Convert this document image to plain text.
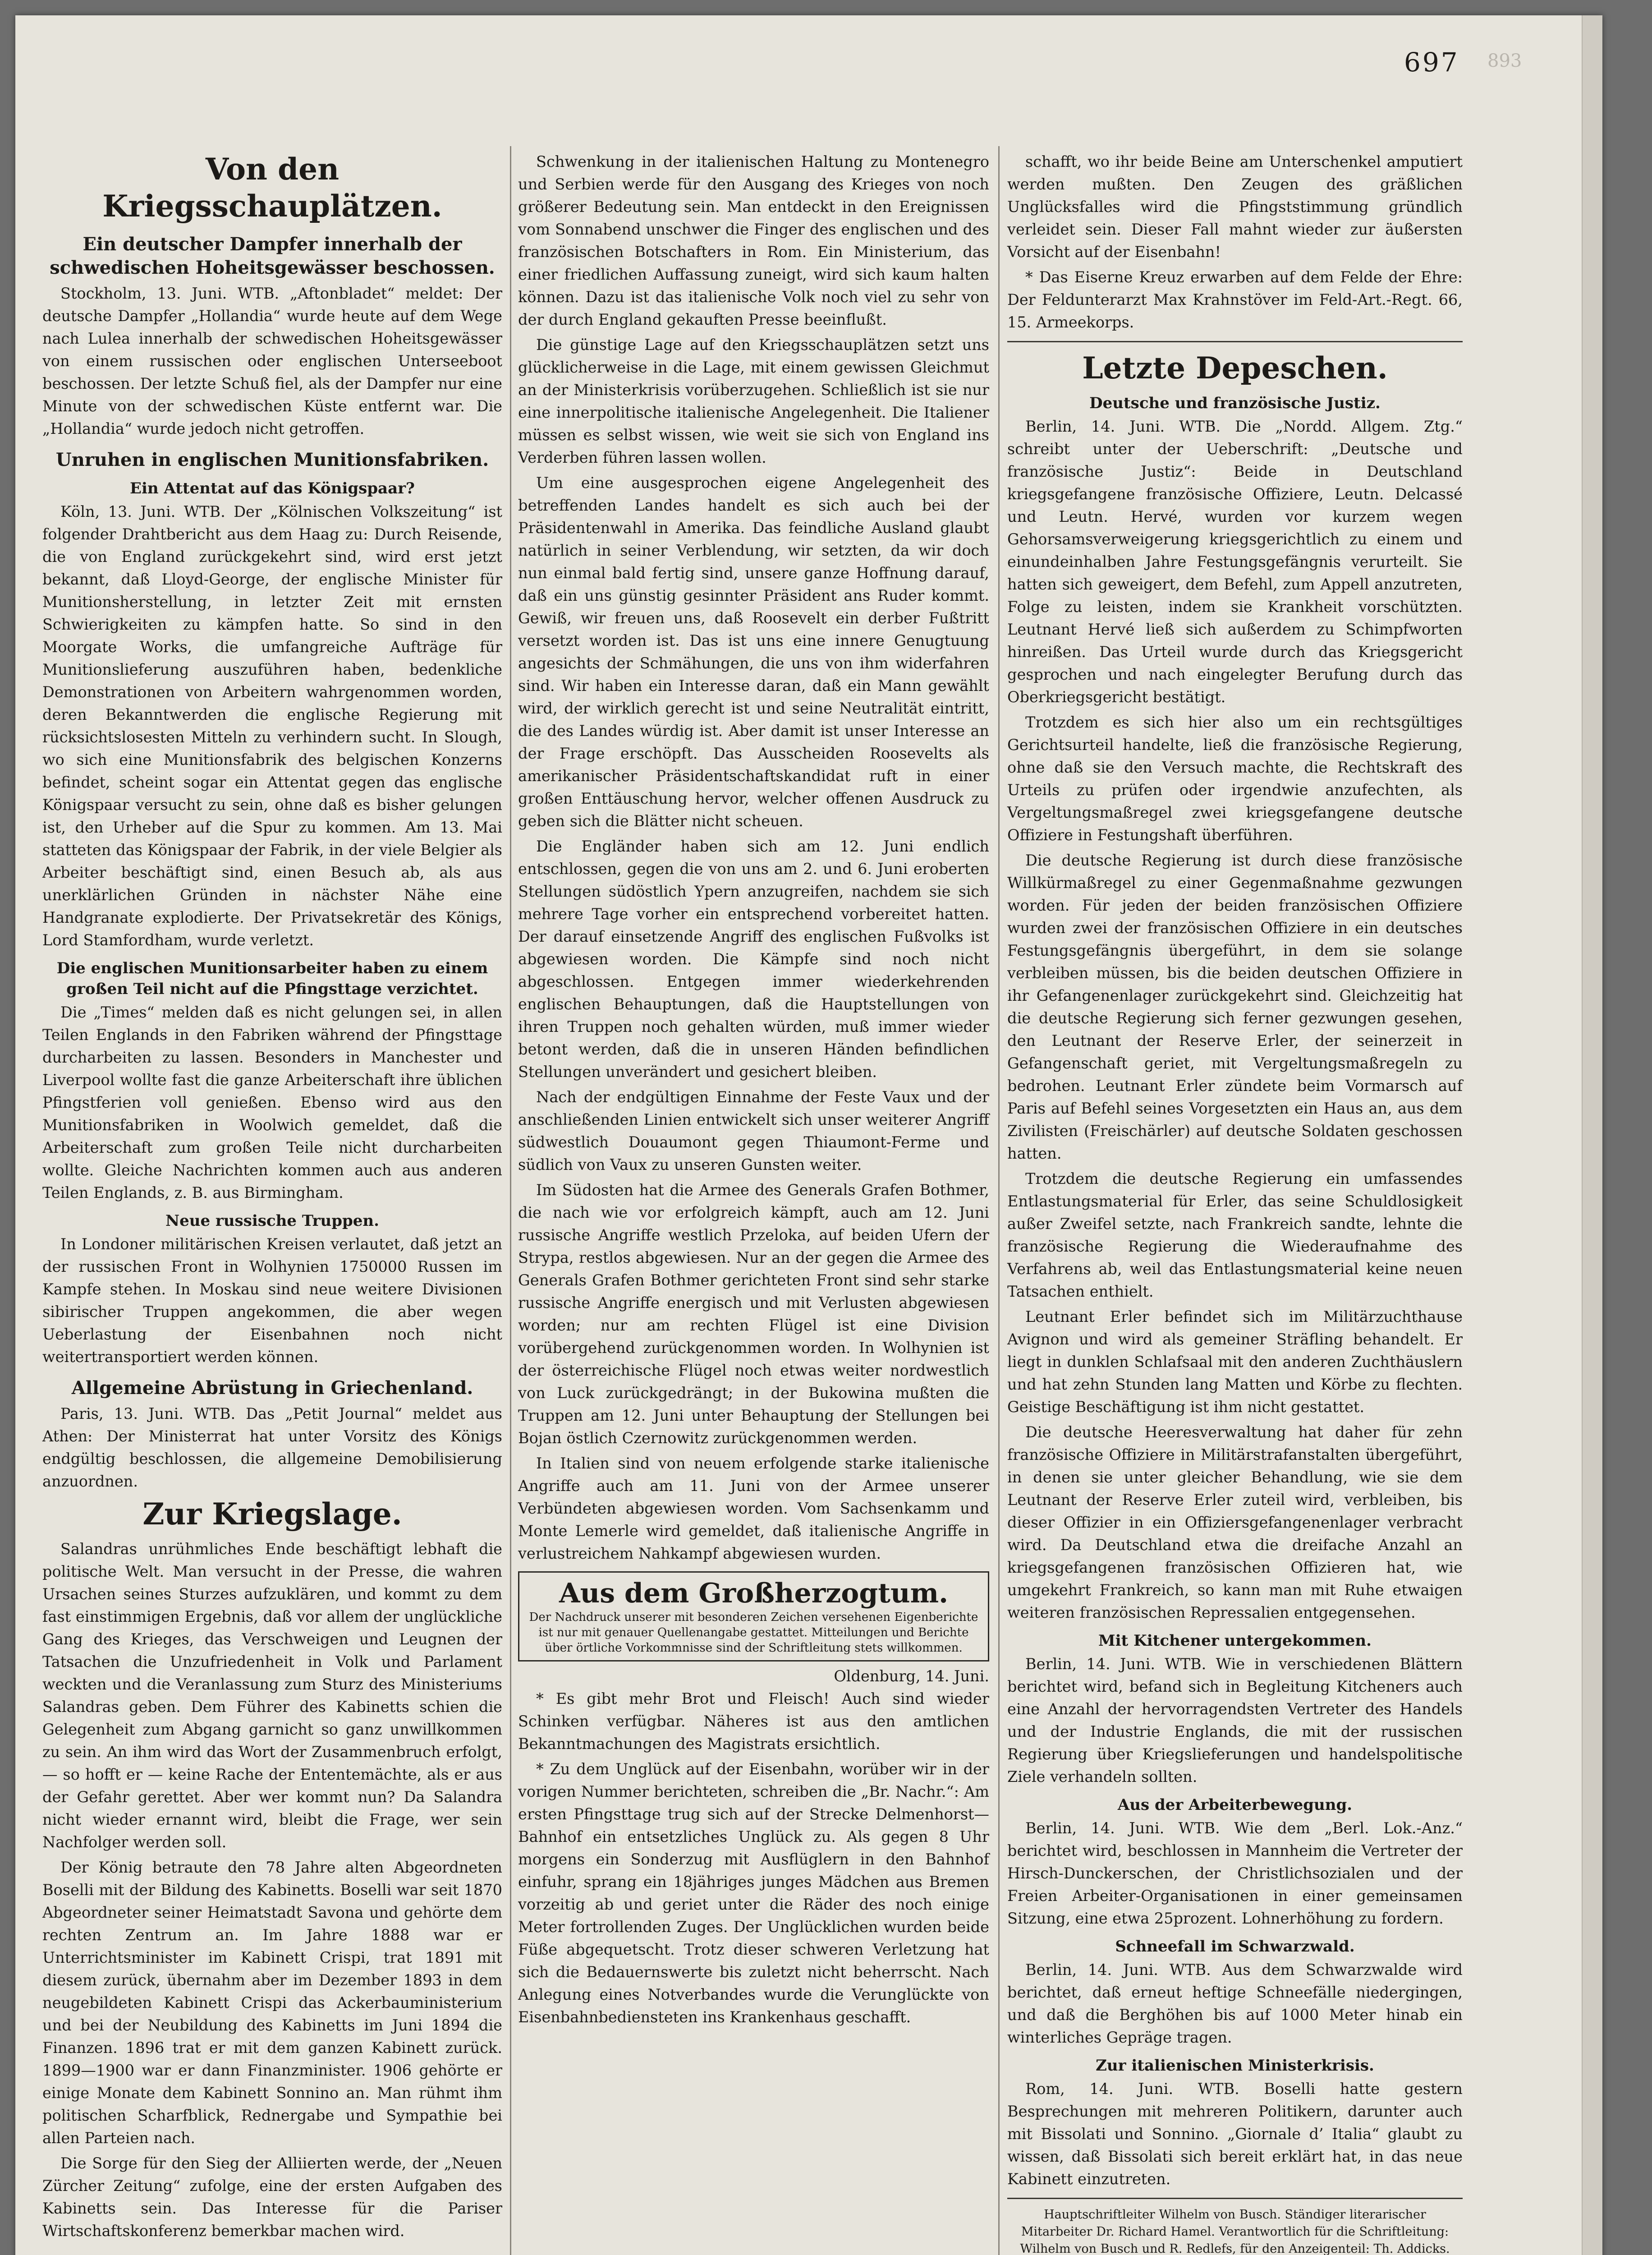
697 893
Von den Kriegsschauplätzen.
Ein deutscher Dampfer innerhalb der schwedischen Hoheitsgewässer beschossen.

Stockholm, 13. Juni. WTB. „Aftonbladet“ meldet: Der deutsche Dampfer „Hollandia“ wurde heute auf dem Wege nach Lulea innerhalb der schwedischen Hoheitsgewässer von einem russischen oder englischen Unterseeboot beschossen. Der letzte Schuß fiel, als der Dampfer nur eine Minute von der schwedischen Küste entfernt war. Die „Hollandia“ wurde jedoch nicht getroffen.

Unruhen in englischen Munitionsfabriken.
Ein Attentat auf das Königspaar?

Köln, 13. Juni. WTB. Der „Kölnischen Volkszeitung“ ist folgender Drahtbericht aus dem Haag zu: Durch Reisende, die von England zurückgekehrt sind, wird erst jetzt bekannt, daß Lloyd-George, der englische Minister für Munitionsherstellung, in letzter Zeit mit ernsten Schwierigkeiten zu kämpfen hatte. So sind in den Moorgate Works, die umfangreiche Aufträge für Munitionslieferung auszuführen haben, bedenkliche Demonstrationen von Arbeitern wahrgenommen worden, deren Bekanntwerden die englische Regierung mit rücksichtslosesten Mitteln zu verhindern sucht. In Slough, wo sich eine Munitionsfabrik des belgischen Konzerns befindet, scheint sogar ein Attentat gegen das englische Königspaar versucht zu sein, ohne daß es bisher gelungen ist, den Urheber auf die Spur zu kommen. Am 13. Mai statteten das Königspaar der Fabrik, in der viele Belgier als Arbeiter beschäftigt sind, einen Besuch ab, als aus unerklärlichen Gründen in nächster Nähe eine Handgranate explodierte. Der Privatsekretär des Königs, Lord Stamfordham, wurde verletzt.

Die englischen Munitionsarbeiter haben zu einem großen Teil nicht auf die Pfingsttage verzichtet.

Die „Times“ melden daß es nicht gelungen sei, in allen Teilen Englands in den Fabriken während der Pfingsttage durcharbeiten zu lassen. Besonders in Manchester und Liverpool wollte fast die ganze Arbeiterschaft ihre üblichen Pfingstferien voll genießen. Ebenso wird aus den Munitionsfabriken in Woolwich gemeldet, daß die Arbeiterschaft zum großen Teile nicht durcharbeiten wollte. Gleiche Nachrichten kommen auch aus anderen Teilen Englands, z. B. aus Birmingham.

Neue russische Truppen.

In Londoner militärischen Kreisen verlautet, daß jetzt an der russischen Front in Wolhynien 1750000 Russen im Kampfe stehen. In Moskau sind neue weitere Divisionen sibirischer Truppen angekommen, die aber wegen Ueberlastung der Eisenbahnen noch nicht weitertransportiert werden können.

Allgemeine Abrüstung in Griechenland.

Paris, 13. Juni. WTB. Das „Petit Journal“ meldet aus Athen: Der Ministerrat hat unter Vorsitz des Königs endgültig beschlossen, die allgemeine Demobilisierung anzuordnen.

Zur Kriegslage.

Salandras unrühmliches Ende beschäftigt lebhaft die politische Welt. Man versucht in der Presse, die wahren Ursachen seines Sturzes aufzuklären, und kommt zu dem fast einstimmigen Ergebnis, daß vor allem der unglückliche Gang des Krieges, das Verschweigen und Leugnen der Tatsachen die Unzufriedenheit in Volk und Parlament weckten und die Veranlassung zum Sturz des Ministeriums Salandras geben. Dem Führer des Kabinetts schien die Gelegenheit zum Abgang garnicht so ganz unwillkommen zu sein. An ihm wird das Wort der Zusammenbruch erfolgt, — so hofft er — keine Rache der Ententemächte, als er aus der Gefahr gerettet. Aber wer kommt nun? Da Salandra nicht wieder ernannt wird, bleibt die Frage, wer sein Nachfolger werden soll.

Der König betraute den 78 Jahre alten Abgeordneten Boselli mit der Bildung des Kabinetts. Boselli war seit 1870 Abgeordneter seiner Heimatstadt Savona und gehörte dem rechten Zentrum an. Im Jahre 1888 war er Unterrichtsminister im Kabinett Crispi, trat 1891 mit diesem zurück, übernahm aber im Dezember 1893 in dem neugebildeten Kabinett Crispi das Ackerbauministerium und bei der Neubildung des Kabinetts im Juni 1894 die Finanzen. 1896 trat er mit dem ganzen Kabinett zurück. 1899—1900 war er dann Finanzminister. 1906 gehörte er einige Monate dem Kabinett Sonnino an. Man rühmt ihm politischen Scharfblick, Rednergabe und Sympathie bei allen Parteien nach.

Die Sorge für den Sieg der Alliierten werde, der „Neuen Zürcher Zeitung“ zufolge, eine der ersten Aufgaben des Kabinetts sein. Das Interesse für die Pariser Wirtschaftskonferenz bemerkbar machen wird.

Schwenkung in der italienischen Haltung zu Montenegro und Serbien werde für den Ausgang des Krieges von noch größerer Bedeutung sein. Man entdeckt in den Ereignissen vom Sonnabend unschwer die Finger des englischen und des französischen Botschafters in Rom. Ein Ministerium, das einer friedlichen Auffassung zuneigt, wird sich kaum halten können. Dazu ist das italienische Volk noch viel zu sehr von der durch England gekauften Presse beeinflußt.

Die günstige Lage auf den Kriegsschauplätzen setzt uns glücklicherweise in die Lage, mit einem gewissen Gleichmut an der Ministerkrisis vorüberzugehen. Schließlich ist sie nur eine innerpolitische italienische Angelegenheit. Die Italiener müssen es selbst wissen, wie weit sie sich von England ins Verderben führen lassen wollen.

Um eine ausgesprochen eigene Angelegenheit des betreffenden Landes handelt es sich auch bei der Präsidentenwahl in Amerika. Das feindliche Ausland glaubt natürlich in seiner Verblendung, wir setzten, da wir doch nun einmal bald fertig sind, unsere ganze Hoffnung darauf, daß ein uns günstig gesinnter Präsident ans Ruder kommt. Gewiß, wir freuen uns, daß Roosevelt ein derber Fußtritt versetzt worden ist. Das ist uns eine innere Genugtuung angesichts der Schmähungen, die uns von ihm widerfahren sind. Wir haben ein Interesse daran, daß ein Mann gewählt wird, der wirklich gerecht ist und seine Neutralität eintritt, die des Landes würdig ist. Aber damit ist unser Interesse an der Frage erschöpft. Das Ausscheiden Roosevelts als amerikanischer Präsidentschaftskandidat ruft in einer großen Enttäuschung hervor, welcher offenen Ausdruck zu geben sich die Blätter nicht scheuen.

Die Engländer haben sich am 12. Juni endlich entschlossen, gegen die von uns am 2. und 6. Juni eroberten Stellungen südöstlich Ypern anzugreifen, nachdem sie sich mehrere Tage vorher ein entsprechend vorbereitet hatten. Der darauf einsetzende Angriff des englischen Fußvolks ist abgewiesen worden. Die Kämpfe sind noch nicht abgeschlossen. Entgegen immer wiederkehrenden englischen Behauptungen, daß die Hauptstellungen von ihren Truppen noch gehalten würden, muß immer wieder betont werden, daß die in unseren Händen befindlichen Stellungen unverändert und gesichert bleiben.

Nach der endgültigen Einnahme der Feste Vaux und der anschließenden Linien entwickelt sich unser weiterer Angriff südwestlich Douaumont gegen Thiaumont-Ferme und südlich von Vaux zu unseren Gunsten weiter.

Im Südosten hat die Armee des Generals Grafen Bothmer, die nach wie vor erfolgreich kämpft, auch am 12. Juni russische Angriffe westlich Przeloka, auf beiden Ufern der Strypa, restlos abgewiesen. Nur an der gegen die Armee des Generals Grafen Bothmer gerichteten Front sind sehr starke russische Angriffe energisch und mit Verlusten abgewiesen worden; nur am rechten Flügel ist eine Division vorübergehend zurückgenommen worden. In Wolhynien ist der österreichische Flügel noch etwas weiter nordwestlich von Luck zurückgedrängt; in der Bukowina mußten die Truppen am 12. Juni unter Behauptung der Stellungen bei Bojan östlich Czernowitz zurückgenommen werden.

In Italien sind von neuem erfolgende starke italienische Angriffe auch am 11. Juni von der Armee unserer Verbündeten abgewiesen worden. Vom Sachsenkamm und Monte Lemerle wird gemeldet, daß italienische Angriffe in verlustreichem Nahkampf abgewiesen wurden.

Aus dem Großherzogtum.
Der Nachdruck unserer mit besonderen Zeichen versehenen Eigenberichte ist nur mit genauer Quellenangabe gestattet. Mitteilungen und Berichte über örtliche Vorkommnisse sind der Schriftleitung stets willkommen.
Oldenburg, 14. Juni.

* Es gibt mehr Brot und Fleisch! Auch sind wieder Schinken verfügbar. Näheres ist aus den amtlichen Bekanntmachungen des Magistrats ersichtlich.

* Zu dem Unglück auf der Eisenbahn, worüber wir in der vorigen Nummer berichteten, schreiben die „Br. Nachr.“: Am ersten Pfingsttage trug sich auf der Strecke Delmenhorst—Bahnhof ein entsetzliches Unglück zu. Als gegen 8 Uhr morgens ein Sonderzug mit Ausflüglern in den Bahnhof einfuhr, sprang ein 18jähriges junges Mädchen aus Bremen vorzeitig ab und geriet unter die Räder des noch einige Meter fortrollenden Zuges. Der Unglücklichen wurden beide Füße abgequetscht. Trotz dieser schweren Verletzung hat sich die Bedauernswerte bis zuletzt nicht beherrscht. Nach Anlegung eines Notverbandes wurde die Verunglückte von Eisenbahnbediensteten ins Krankenhaus geschafft.

schafft, wo ihr beide Beine am Unterschenkel amputiert werden mußten. Den Zeugen des gräßlichen Unglücksfalles wird die Pfingststimmung gründlich verleidet sein. Dieser Fall mahnt wieder zur äußersten Vorsicht auf der Eisenbahn!

* Das Eiserne Kreuz erwarben auf dem Felde der Ehre: Der Feldunterarzt Max Krahnstöver im Feld-Art.-Regt. 66, 15. Armeekorps.

Letzte Depeschen.
Deutsche und französische Justiz.

Berlin, 14. Juni. WTB. Die „Nordd. Allgem. Ztg.“ schreibt unter der Ueberschrift: „Deutsche und französische Justiz“: Beide in Deutschland kriegsgefangene französische Offiziere, Leutn. Delcassé und Leutn. Hervé, wurden vor kurzem wegen Gehorsamsverweigerung kriegsgerichtlich zu einem und einundeinhalben Jahre Festungsgefängnis verurteilt. Sie hatten sich geweigert, dem Befehl, zum Appell anzutreten, Folge zu leisten, indem sie Krankheit vorschützten. Leutnant Hervé ließ sich außerdem zu Schimpfworten hinreißen. Das Urteil wurde durch das Kriegsgericht gesprochen und nach eingelegter Berufung durch das Oberkriegsgericht bestätigt.

Trotzdem es sich hier also um ein rechtsgültiges Gerichtsurteil handelte, ließ die französische Regierung, ohne daß sie den Versuch machte, die Rechtskraft des Urteils zu prüfen oder irgendwie anzufechten, als Vergeltungsmaßregel zwei kriegsgefangene deutsche Offiziere in Festungshaft überführen.

Die deutsche Regierung ist durch diese französische Willkürmaßregel zu einer Gegenmaßnahme gezwungen worden. Für jeden der beiden französischen Offiziere wurden zwei der französischen Offiziere in ein deutsches Festungsgefängnis übergeführt, in dem sie solange verbleiben müssen, bis die beiden deutschen Offiziere in ihr Gefangenenlager zurückgekehrt sind. Gleichzeitig hat die deutsche Regierung sich ferner gezwungen gesehen, den Leutnant der Reserve Erler, der seinerzeit in Gefangenschaft geriet, mit Vergeltungsmaßregeln zu bedrohen. Leutnant Erler zündete beim Vormarsch auf Paris auf Befehl seines Vorgesetzten ein Haus an, aus dem Zivilisten (Freischärler) auf deutsche Soldaten geschossen hatten.

Trotzdem die deutsche Regierung ein umfassendes Entlastungsmaterial für Erler, das seine Schuldlosigkeit außer Zweifel setzte, nach Frankreich sandte, lehnte die französische Regierung die Wiederaufnahme des Verfahrens ab, weil das Entlastungsmaterial keine neuen Tatsachen enthielt.

Leutnant Erler befindet sich im Militärzuchthause Avignon und wird als gemeiner Sträfling behandelt. Er liegt in dunklen Schlafsaal mit den anderen Zuchthäuslern und hat zehn Stunden lang Matten und Körbe zu flechten. Geistige Beschäftigung ist ihm nicht gestattet.

Die deutsche Heeresverwaltung hat daher für zehn französische Offiziere in Militärstrafanstalten übergeführt, in denen sie unter gleicher Behandlung, wie sie dem Leutnant der Reserve Erler zuteil wird, verbleiben, bis dieser Offizier in ein Offiziersgefangenenlager verbracht wird. Da Deutschland etwa die dreifache Anzahl an kriegsgefangenen französischen Offizieren hat, wie umgekehrt Frankreich, so kann man mit Ruhe etwaigen weiteren französischen Repressalien entgegensehen.

Mit Kitchener untergekommen.

Berlin, 14. Juni. WTB. Wie in verschiedenen Blättern berichtet wird, befand sich in Begleitung Kitcheners auch eine Anzahl der hervorragendsten Vertreter des Handels und der Industrie Englands, die mit der russischen Regierung über Kriegslieferungen und handelspolitische Ziele verhandeln sollten.

Aus der Arbeiterbewegung.

Berlin, 14. Juni. WTB. Wie dem „Berl. Lok.-Anz.“ berichtet wird, beschlossen in Mannheim die Vertreter der Hirsch-Dunckerschen, der Christlichsozialen und der Freien Arbeiter-Organisationen in einer gemeinsamen Sitzung, eine etwa 25prozent. Lohnerhöhung zu fordern.

Schneefall im Schwarzwald.

Berlin, 14. Juni. WTB. Aus dem Schwarzwalde wird berichtet, daß erneut heftige Schneefälle niedergingen, und daß die Berghöhen bis auf 1000 Meter hinab ein winterliches Gepräge tragen.

Zur italienischen Ministerkrisis.

Rom, 14. Juni. WTB. Boselli hatte gestern Besprechungen mit mehreren Politikern, darunter auch mit Bissolati und Sonnino. „Giornale d’ Italia“ glaubt zu wissen, daß Bissolati sich bereit erklärt hat, in das neue Kabinett einzutreten.

Hauptschriftleiter Wilhelm von Busch. Ständiger literarischer Mitarbeiter Dr. Richard Hamel. Verantwortlich für die Schriftleitung: Wilhelm von Busch und R. Redlefs, für den Anzeigenteil: Th. Addicks.
